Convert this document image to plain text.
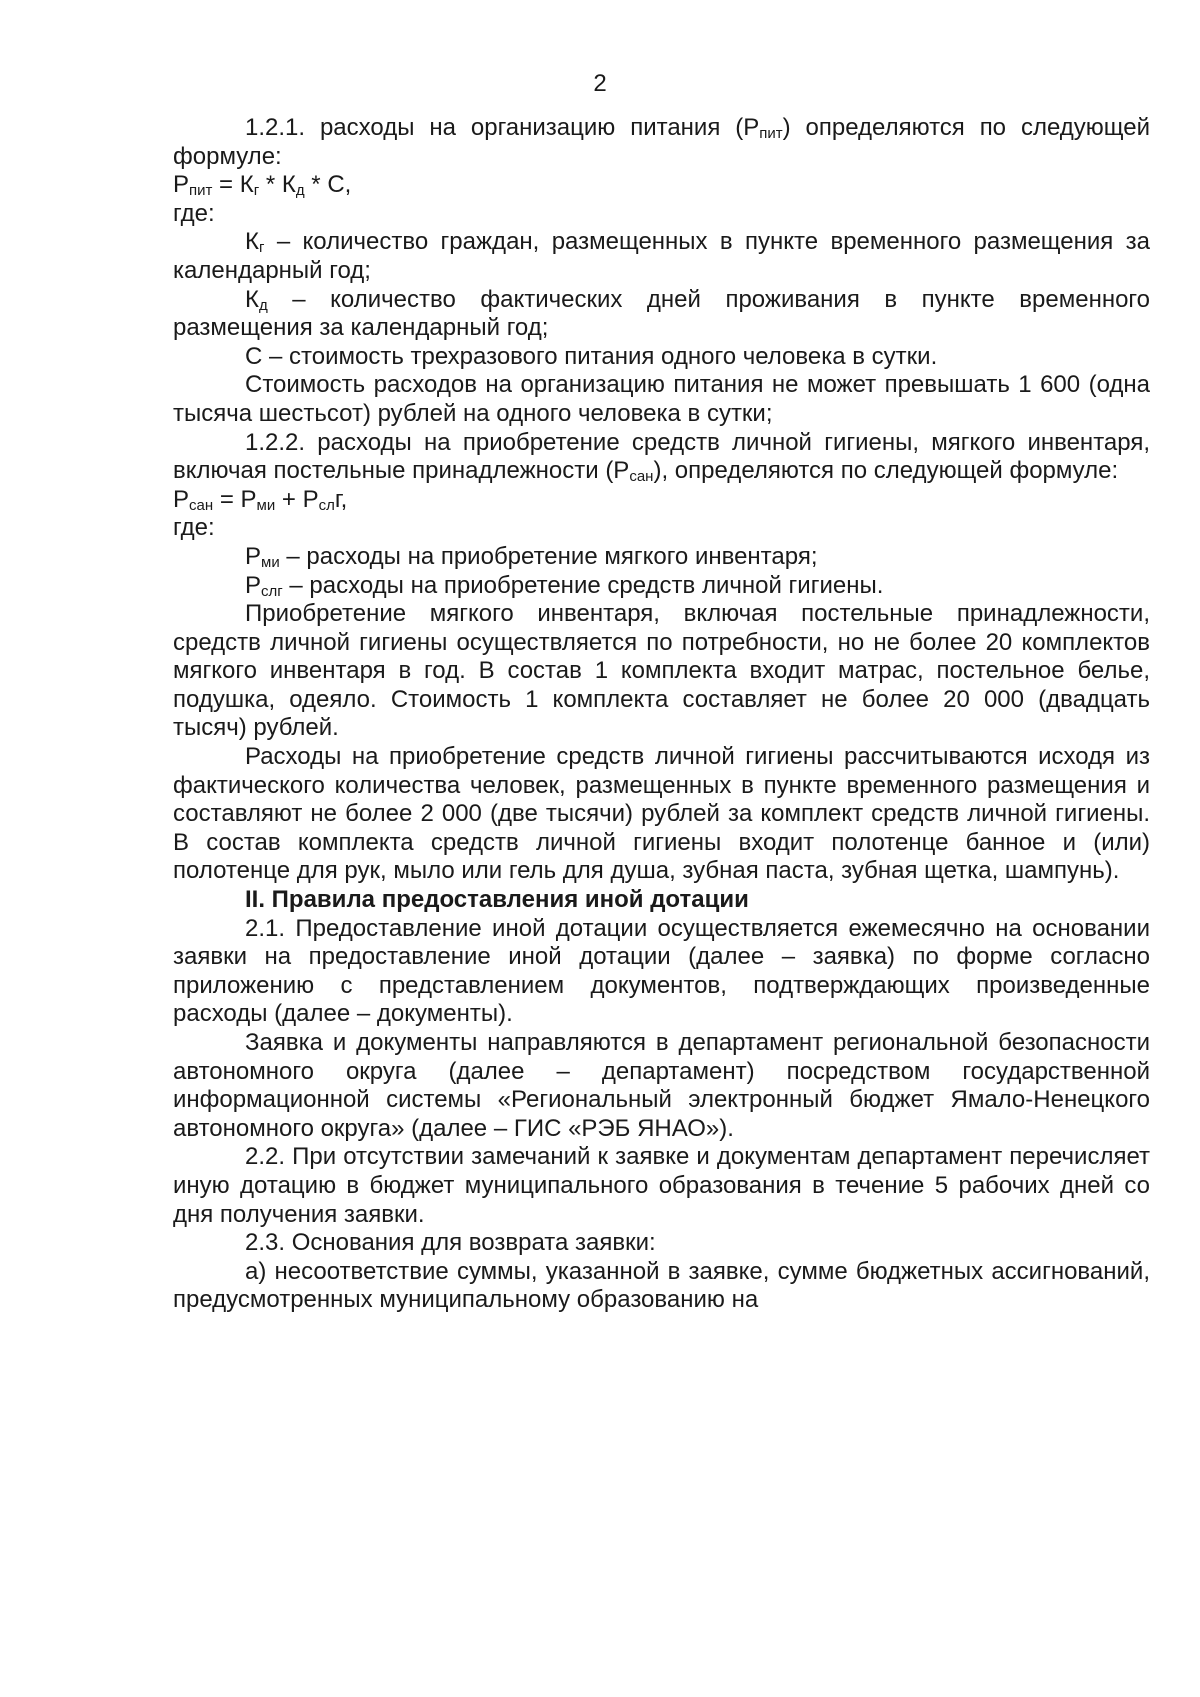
2

1.2.1. расходы на организацию питания $(Р_{пит})$ определяются по следующей формуле:

$Р_{пит} = К_г * К_д * С$,

где:

$К_г$ – количество граждан, размещенных в пункте временного размещения за календарный год;

$К_д$ – количество фактических дней проживания в пункте временного размещения за календарный год;

С – стоимость трехразового питания одного человека в сутки.

Стоимость расходов на организацию питания не может превышать 1 600 (одна тысяча шестьсот) рублей на одного человека в сутки;

1.2.2. расходы на приобретение средств личной гигиены, мягкого инвентаря, включая постельные принадлежности $(Р_{сан})$, определяются по следующей формуле:

$Р_{сан} = Р_{ми} + Р_{сл}г$,

где:

$Р_{ми}$ – расходы на приобретение мягкого инвентаря;

$Р_{слг}$ – расходы на приобретение средств личной гигиены.

Приобретение мягкого инвентаря, включая постельные принадлежности, средств личной гигиены осуществляется по потребности, но не более 20 комплектов мягкого инвентаря в год. В состав 1 комплекта входит матрас, постельное белье, подушка, одеяло. Стоимость 1 комплекта составляет не более 20 000 (двадцать тысяч) рублей.

Расходы на приобретение средств личной гигиены рассчитываются исходя из фактического количества человек, размещенных в пункте временного размещения и составляют не более 2 000 (две тысячи) рублей за комплект средств личной гигиены. В состав комплекта средств личной гигиены входит полотенце банное и (или) полотенце для рук, мыло или гель для душа, зубная паста, зубная щетка, шампунь).

II. Правила предоставления иной дотации

2.1. Предоставление иной дотации осуществляется ежемесячно на основании заявки на предоставление иной дотации (далее – заявка) по форме согласно приложению с представлением документов, подтверждающих произведенные расходы (далее – документы).

Заявка и документы направляются в департамент региональной безопасности автономного округа (далее – департамент) посредством государственной информационной системы «Региональный электронный бюджет Ямало-Ненецкого автономного округа» (далее – ГИС «РЭБ ЯНАО»).

2.2. При отсутствии замечаний к заявке и документам департамент перечисляет иную дотацию в бюджет муниципального образования в течение 5 рабочих дней со дня получения заявки.

2.3. Основания для возврата заявки:

а) несоответствие суммы, указанной в заявке, сумме бюджетных ассигнований, предусмотренных муниципальному образованию на
